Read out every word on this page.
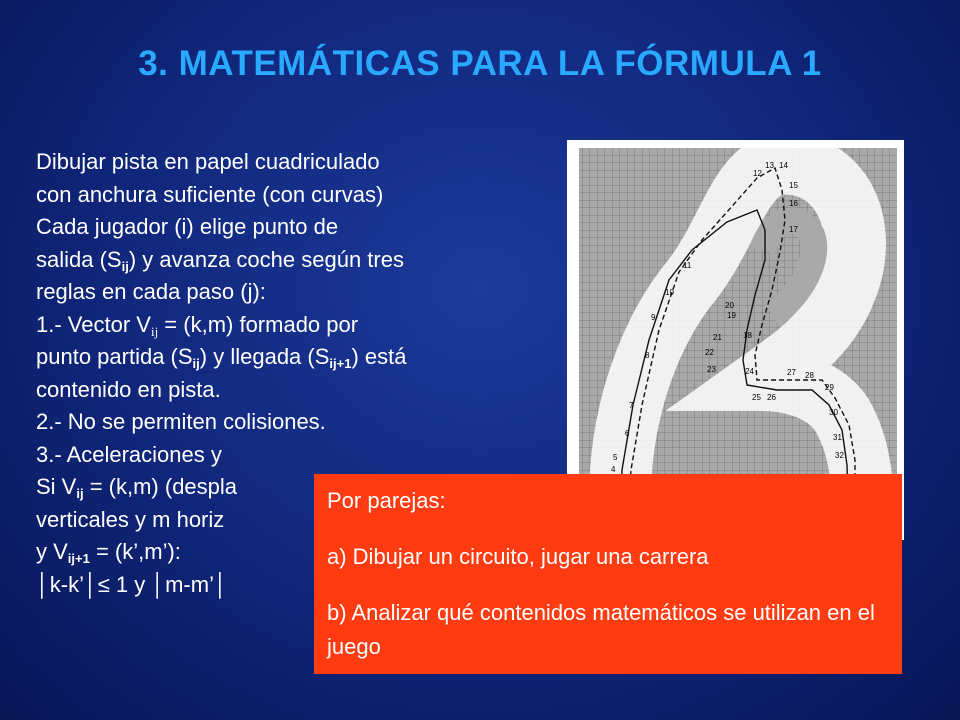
3. MATEMÁTICAS PARA LA FÓRMULA 1
Dibujar pista en papel cuadriculado
con anchura suficiente (con curvas)
Cada jugador (i) elige punto de
salida $(S_{ij})$ y avanza coche según tres
reglas en cada paso (j):
1.- Vector $V_{ij} = (k,m)$ formado por
punto partida $(S_{ij})$ y llegada $(S_{ij+1})$ está
contenido en pista.
2.- No se permiten colisiones.
3.- Aceleraciones y
Si $V_{ij} = (k,m)$ (despla
verticales y m horiz
y $V_{ij+1}$ = (k’,m’):
│k-k’│≤ 1 y │m-m’│
4
5
6
7
8
9
10
11
12
13 14
15
16
17
18
19
20
21
22
23	24
25 26
27 28
29
30
31
32
Por parejas:
a) Dibujar un circuito, jugar una carrera
b) Analizar qué contenidos matemáticos se utilizan en el juego
